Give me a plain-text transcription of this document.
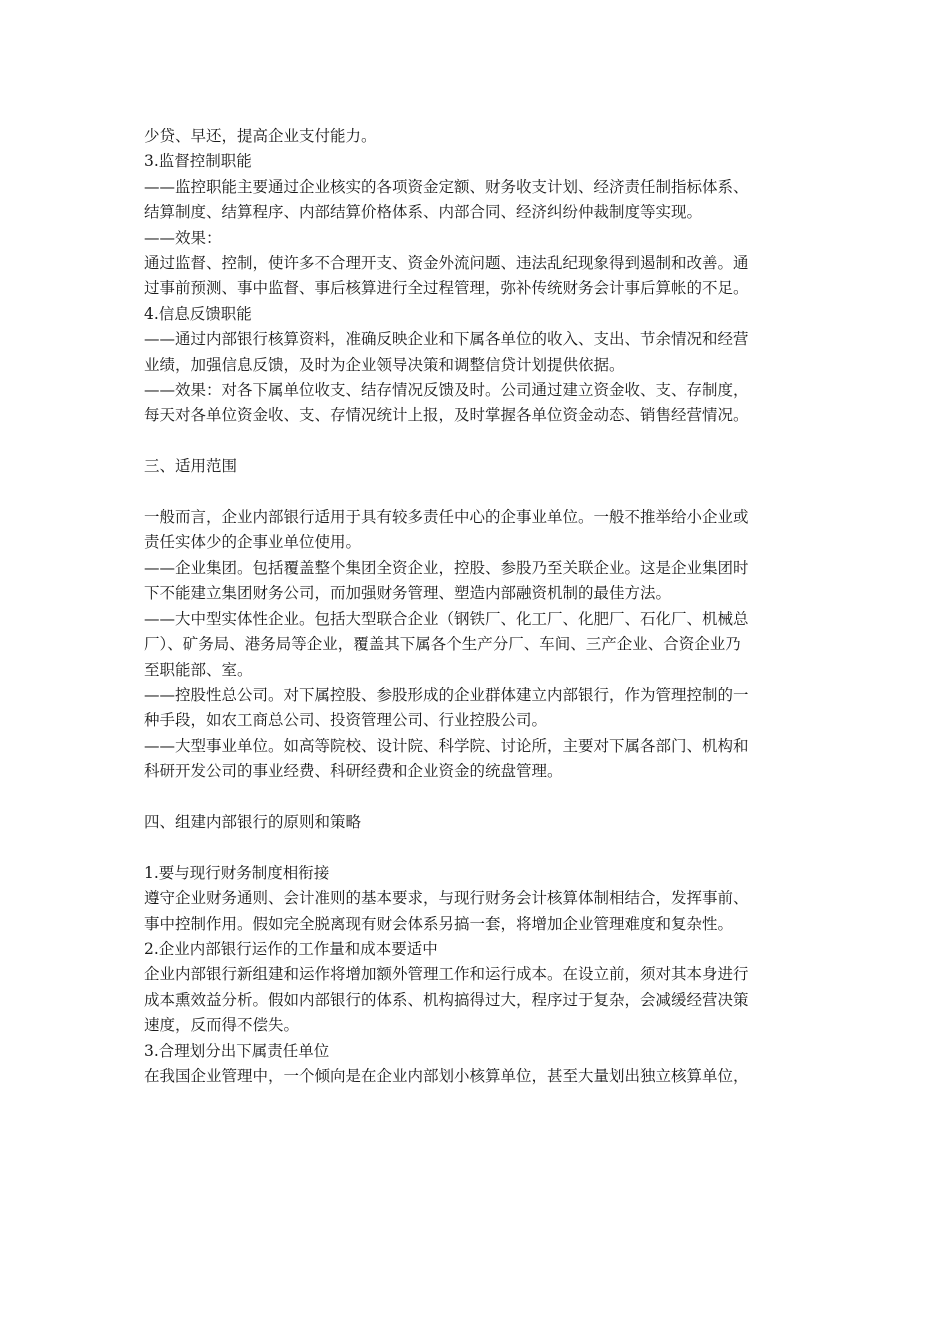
少贷、早还，提高企业支付能力。
3.监督控制职能
——监控职能主要通过企业核实的各项资金定额、财务收支计划、经济责任制指标体系、
结算制度、结算程序、内部结算价格体系、内部合同、经济纠纷仲裁制度等实现。
——效果：
通过监督、控制，使许多不合理开支、资金外流问题、违法乱纪现象得到遏制和改善。通
过事前预测、事中监督、事后核算进行全过程管理，弥补传统财务会计事后算帐的不足。
4.信息反馈职能
——通过内部银行核算资料，准确反映企业和下属各单位的收入、支出、节余情况和经营
业绩，加强信息反馈，及时为企业领导决策和调整信贷计划提供依据。
——效果：对各下属单位收支、结存情况反馈及时。公司通过建立资金收、支、存制度，
每天对各单位资金收、支、存情况统计上报，及时掌握各单位资金动态、销售经营情况。
三、适用范围
一般而言，企业内部银行适用于具有较多责任中心的企事业单位。一般不推举给小企业或
责任实体少的企事业单位使用。
——企业集团。包括覆盖整个集团全资企业，控股、参股乃至关联企业。这是企业集团时
下不能建立集团财务公司，而加强财务管理、塑造内部融资机制的最佳方法。
——大中型实体性企业。包括大型联合企业（钢铁厂、化工厂、化肥厂、石化厂、机械总
厂）、矿务局、港务局等企业，覆盖其下属各个生产分厂、车间、三产企业、合资企业乃
至职能部、室。
——控股性总公司。对下属控股、参股形成的企业群体建立内部银行，作为管理控制的一
种手段，如农工商总公司、投资管理公司、行业控股公司。
——大型事业单位。如高等院校、设计院、科学院、讨论所，主要对下属各部门、机构和
科研开发公司的事业经费、科研经费和企业资金的统盘管理。
四、组建内部银行的原则和策略
1.要与现行财务制度相衔接
遵守企业财务通则、会计准则的基本要求，与现行财务会计核算体制相结合，发挥事前、
事中控制作用。假如完全脱离现有财会体系另搞一套，将增加企业管理难度和复杂性。
2.企业内部银行运作的工作量和成本要适中
企业内部银行新组建和运作将增加额外管理工作和运行成本。在设立前，须对其本身进行
成本熏效益分析。假如内部银行的体系、机构搞得过大，程序过于复杂，会减缓经营决策
速度，反而得不偿失。
3.合理划分出下属责任单位
在我国企业管理中，一个倾向是在企业内部划小核算单位，甚至大量划出独立核算单位，
